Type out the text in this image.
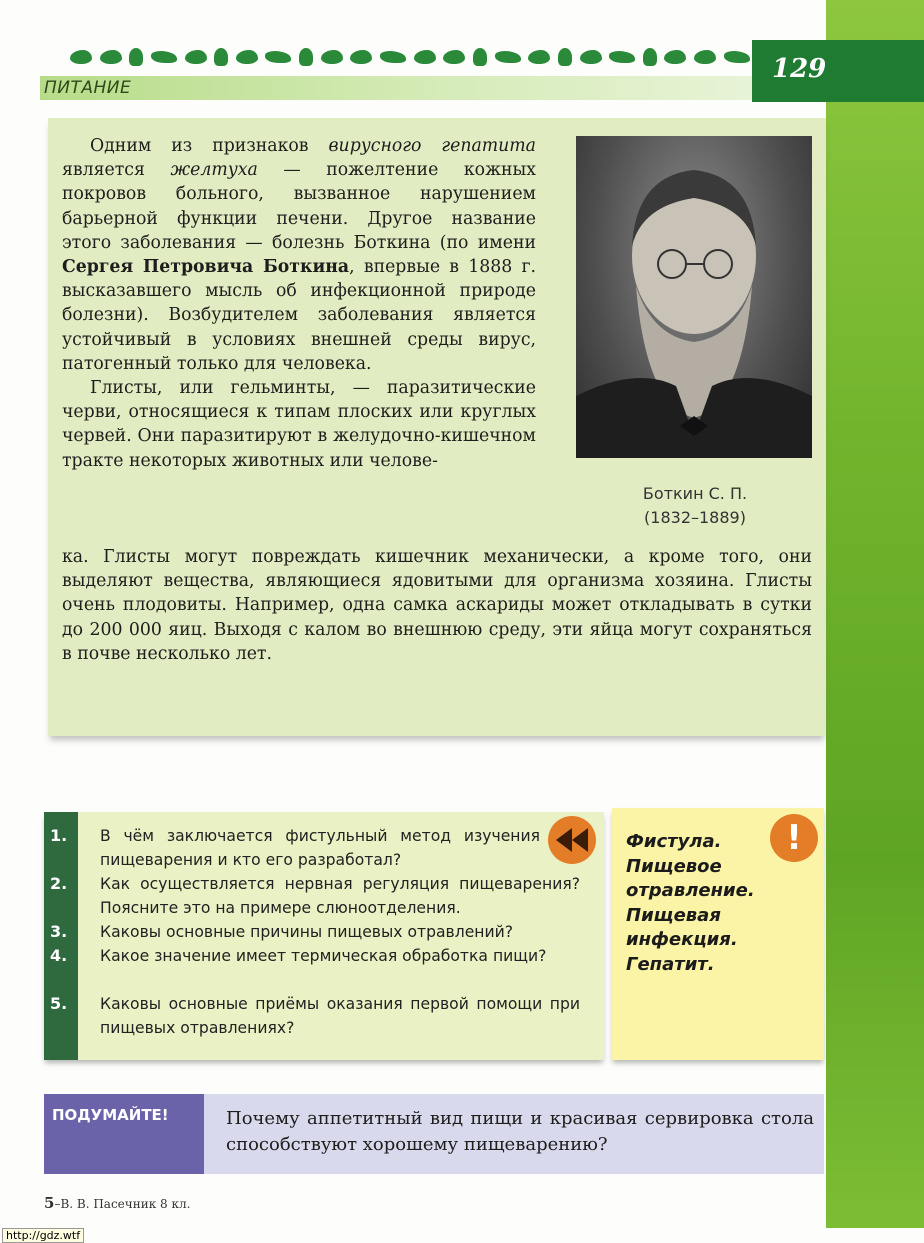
ПИТАНИЕ
129

Одним из признаков вирусного гепатита является желтуха — пожелтение кожных покровов больного, вызванное нарушением барьерной функции печени. Другое название этого заболевания — болезнь Боткина (по имени Сергея Петровича Боткина, впервые в 1888 г. высказавшего мысль об инфекционной природе болезни). Возбудителем заболевания является устойчивый в условиях внешней среды вирус, патогенный только для человека.

Глисты, или гельминты, — паразитические черви, относящиеся к типам плоских или круглых червей. Они паразитируют в желудочно-кишечном тракте некоторых животных или челове-

ка. Глисты могут повреждать кишечник механически, а кроме того, они выделяют вещества, являющиеся ядовитыми для организма хозяина. Глисты очень плодовиты. Например, одна самка аскариды может откладывать в сутки до 200 000 яиц. Выходя с калом во внешнюю среду, эти яйца могут сохраняться в почве несколько лет.
Боткин С. П.
(1832–1889)
1. В чём заключается фистульный метод изучения пищеварения и кто его разработал?
2. Как осуществляется нервная регуляция пищеварения? Поясните это на примере слюноотделения.
3. Каковы основные причины пищевых отравлений?
4. Какое значение имеет термическая обработка пищи?
5. Каковы основные приёмы оказания первой помощи при пищевых отравлениях?
Фистула.
Пищевое отравление.
Пищевая инфекция.
Гепатит.
!
ПОДУМАЙТЕ!	Почему аппетитный вид пищи и красивая сервировка стола способствуют хорошему пищеварению?
5–В. В. Пасечник 8 кл.
http://gdz.wtf
